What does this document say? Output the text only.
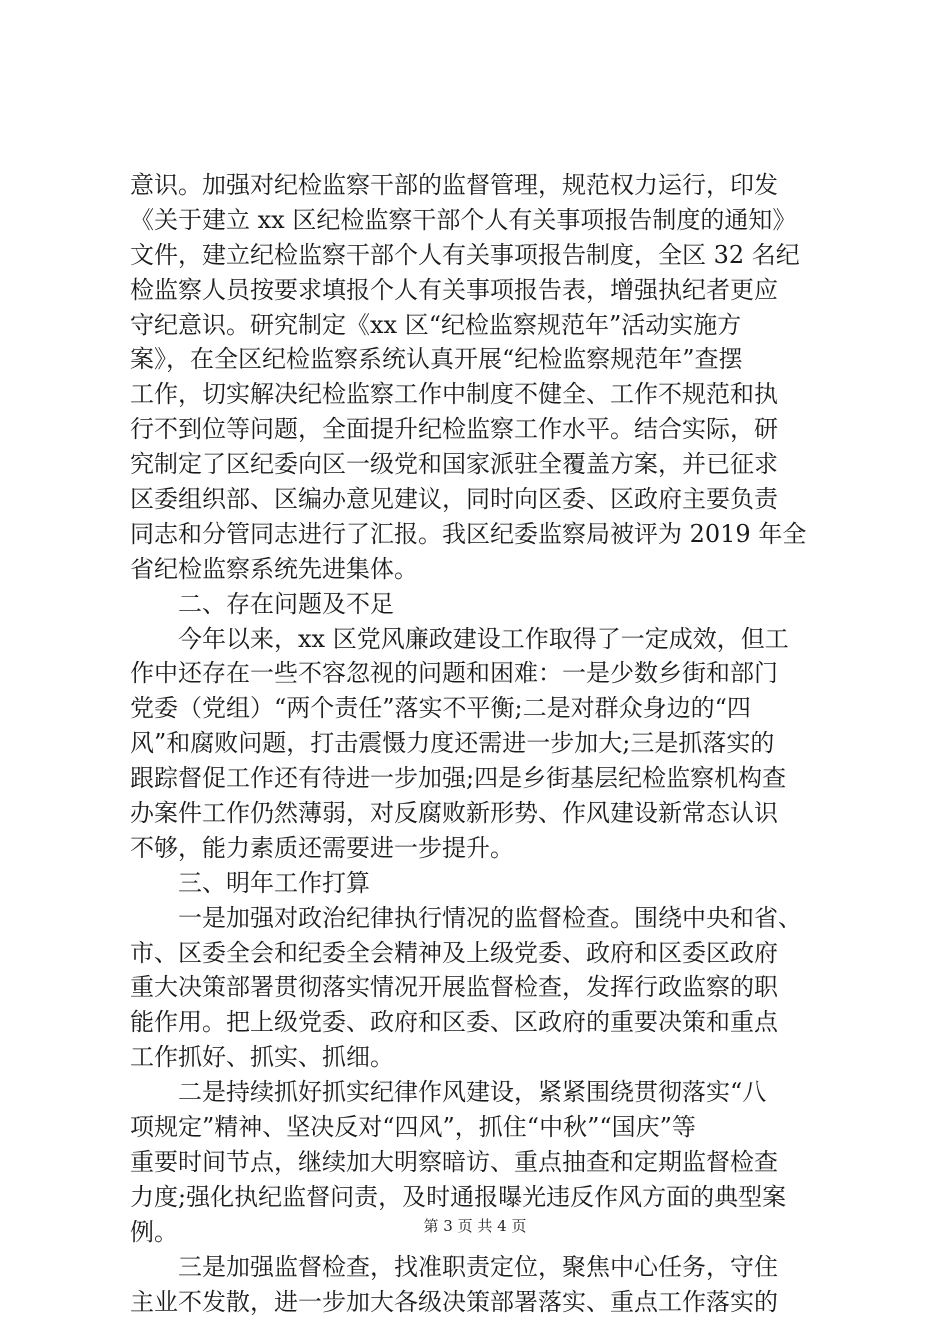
意识。加强对纪检监察干部的监督管理，规范权力运行，印发
《关于建立 xx 区纪检监察干部个人有关事项报告制度的通知》
文件，建立纪检监察干部个人有关事项报告制度，全区 32 名纪
检监察人员按要求填报个人有关事项报告表，增强执纪者更应
守纪意识。研究制定《xx 区“纪检监察规范年”活动实施方
案》，在全区纪检监察系统认真开展“纪检监察规范年”查摆
工作，切实解决纪检监察工作中制度不健全、工作不规范和执
行不到位等问题，全面提升纪检监察工作水平。结合实际，研
究制定了区纪委向区一级党和国家派驻全覆盖方案，并已征求
区委组织部、区编办意见建议，同时向区委、区政府主要负责
同志和分管同志进行了汇报。我区纪委监察局被评为 2019 年全
省纪检监察系统先进集体。
　　二、存在问题及不足
　　今年以来，xx 区党风廉政建设工作取得了一定成效，但工
作中还存在一些不容忽视的问题和困难：一是少数乡街和部门
党委（党组）“两个责任”落实不平衡;二是对群众身边的“四
风”和腐败问题，打击震慑力度还需进一步加大;三是抓落实的
跟踪督促工作还有待进一步加强;四是乡街基层纪检监察机构查
办案件工作仍然薄弱，对反腐败新形势、作风建设新常态认识
不够，能力素质还需要进一步提升。
　　三、明年工作打算
　　一是加强对政治纪律执行情况的监督检查。围绕中央和省、
市、区委全会和纪委全会精神及上级党委、政府和区委区政府
重大决策部署贯彻落实情况开展监督检查，发挥行政监察的职
能作用。把上级党委、政府和区委、区政府的重要决策和重点
工作抓好、抓实、抓细。
　　二是持续抓好抓实纪律作风建设，紧紧围绕贯彻落实“八
项规定”精神、坚决反对“四风”，抓住“中秋”“国庆”等
重要时间节点，继续加大明察暗访、重点抽查和定期监督检查
力度;强化执纪监督问责，及时通报曝光违反作风方面的典型案
例。
　　三是加强监督检查，找准职责定位，聚焦中心任务，守住
主业不发散，进一步加大各级决策部署落实、重点工作落实的
第 3 页 共 4 页
